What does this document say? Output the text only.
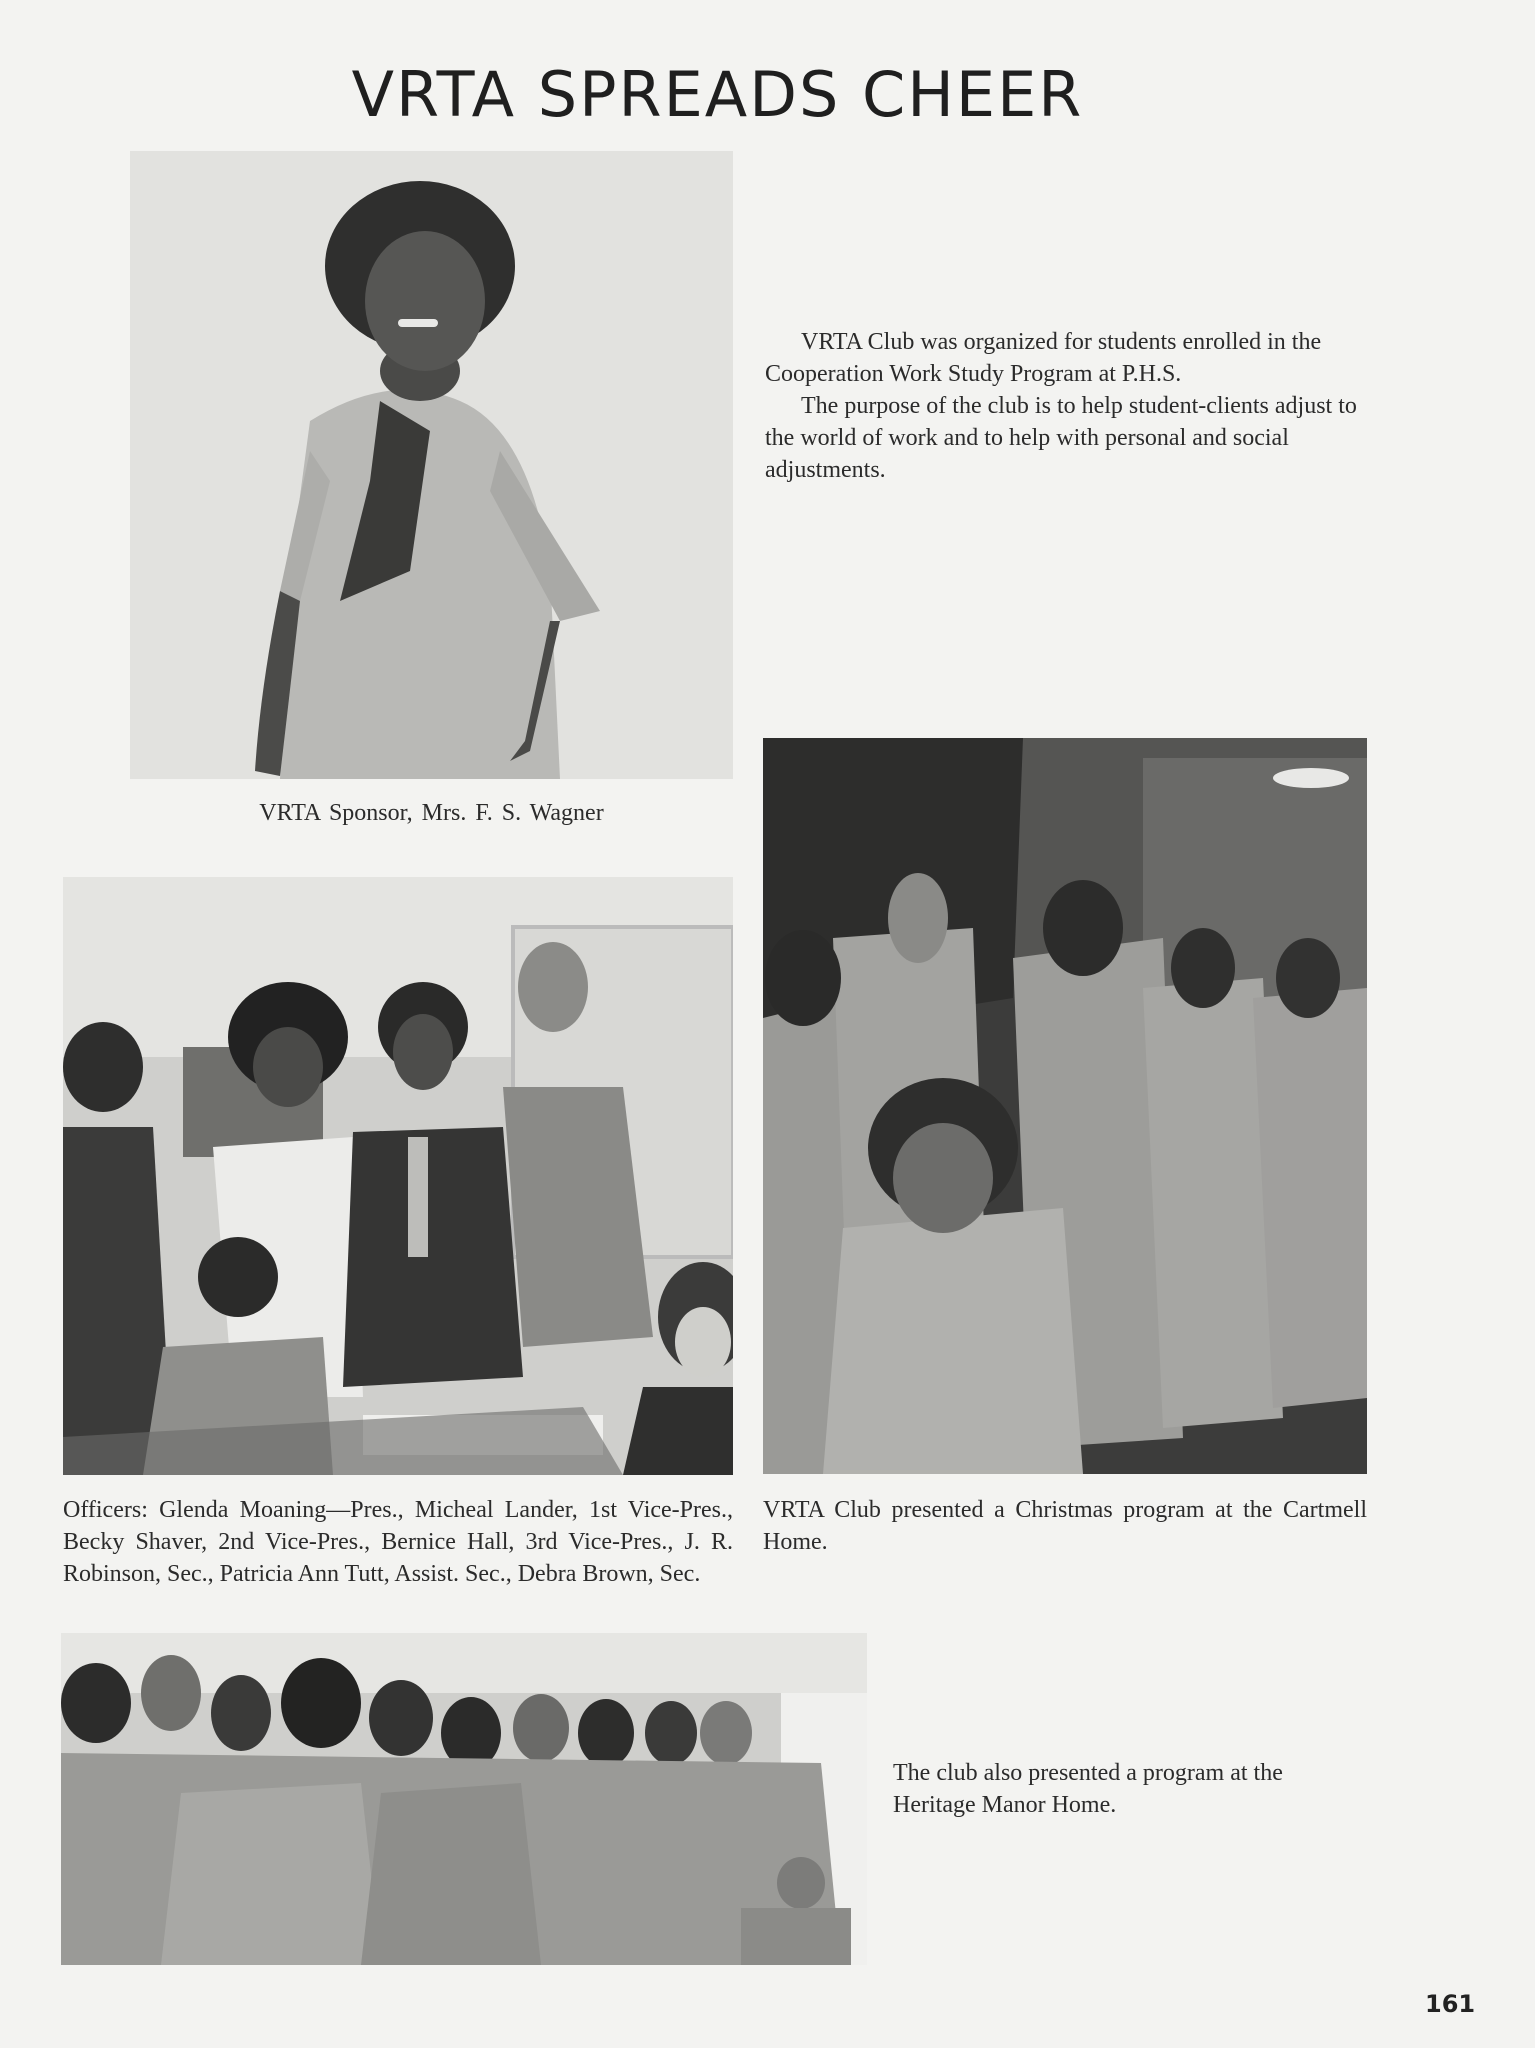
VRTA SPREADS CHEER
VRTA Club was organized for students enrolled in the Cooperation Work Study Program at P.H.S.
The purpose of the club is to help student-clients adjust to the world of work and to help with personal and social adjustments.
VRTA Sponsor, Mrs. F. S. Wagner
Officers: Glenda Moaning—Pres., Micheal Lander, 1st Vice-Pres., Becky Shaver, 2nd Vice-Pres., Bernice Hall, 3rd Vice-Pres., J. R. Robinson, Sec., Patricia Ann Tutt, Assist. Sec., Debra Brown, Sec.
VRTA Club presented a Christmas program at the Cartmell Home.
The club also presented a program at the Heritage Manor Home.
161
